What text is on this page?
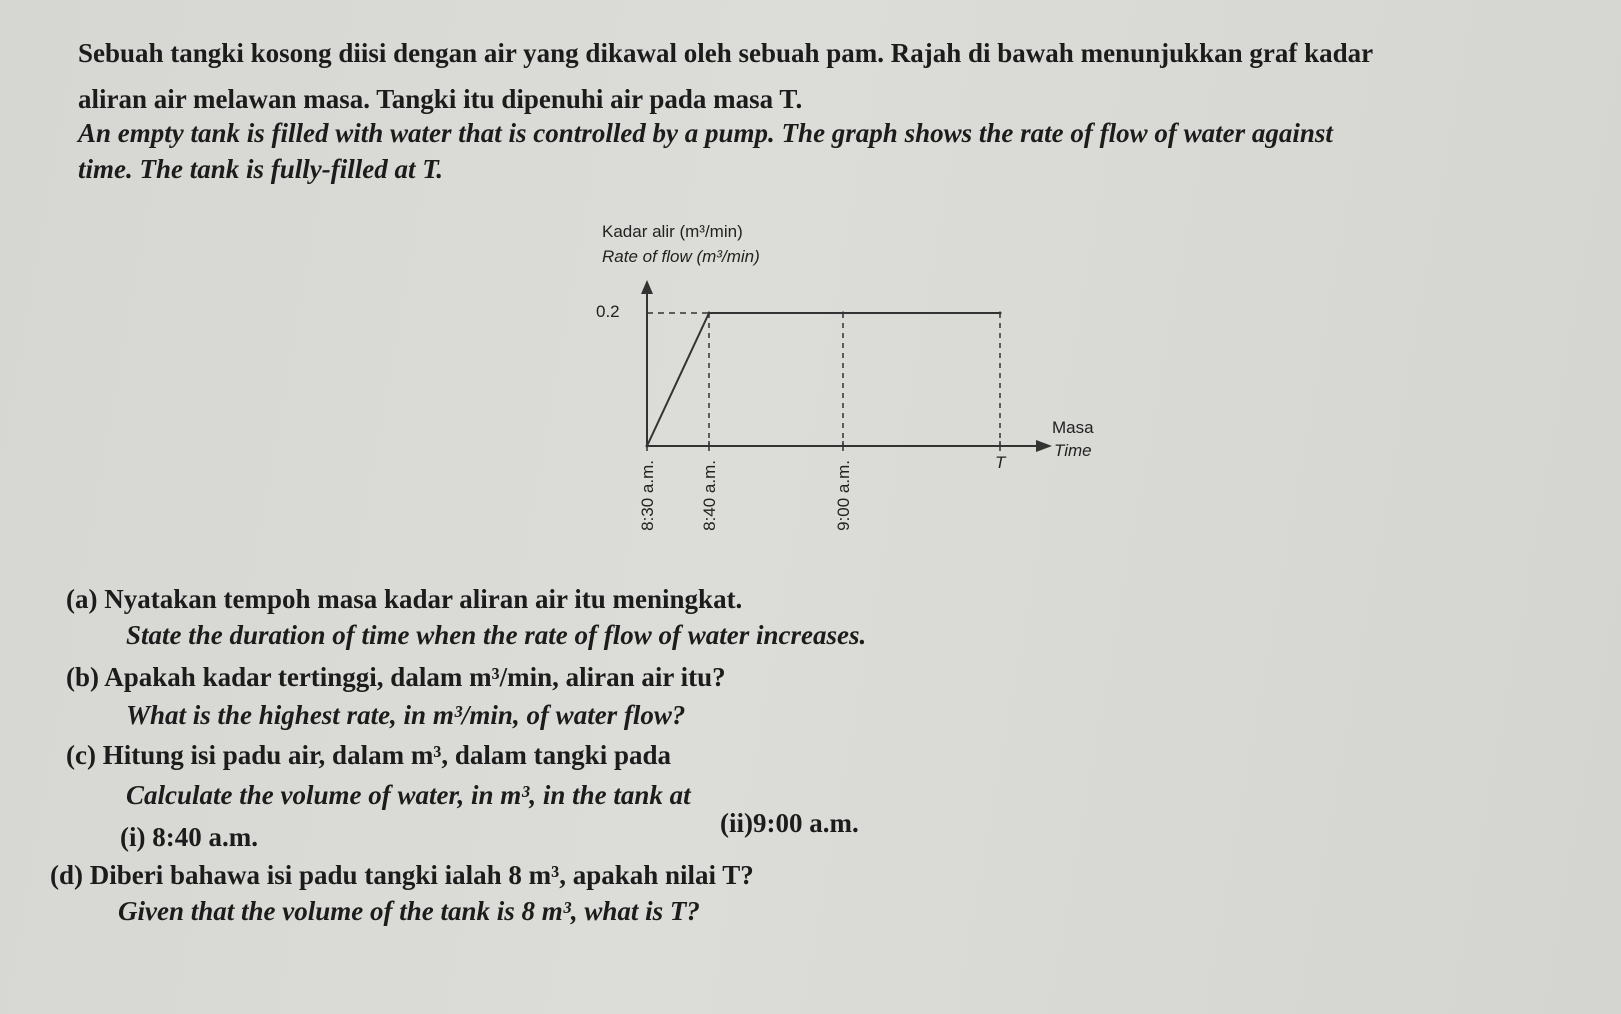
Sebuah tangki kosong diisi dengan air yang dikawal oleh sebuah pam. Rajah di bawah menunjukkan graf kadar
aliran air melawan masa. Tangki itu dipenuhi air pada masa T.
An empty tank is filled with water that is controlled by a pump. The graph shows the rate of flow of water against
time. The tank is fully-filled at T.
Kadar alir (m³/min)
Rate of flow (m³/min)
Masa
Time
0.2
8:30 a.m.	8:40 a.m.	9:00 a.m.	T
(a) Nyatakan tempoh masa kadar aliran air itu meningkat.
State the duration of time when the rate of flow of water increases.
(b) Apakah kadar tertinggi, dalam m³/min, aliran air itu?
What is the highest rate, in m³/min, of water flow?
(c) Hitung isi padu air, dalam m³, dalam tangki pada
Calculate the volume of water, in m³, in the tank at
(i) 8:40 a.m.	(ii)9:00 a.m.
(d) Diberi bahawa isi padu tangki ialah 8 m³, apakah nilai T?
Given that the volume of the tank is 8 m³, what is T?
